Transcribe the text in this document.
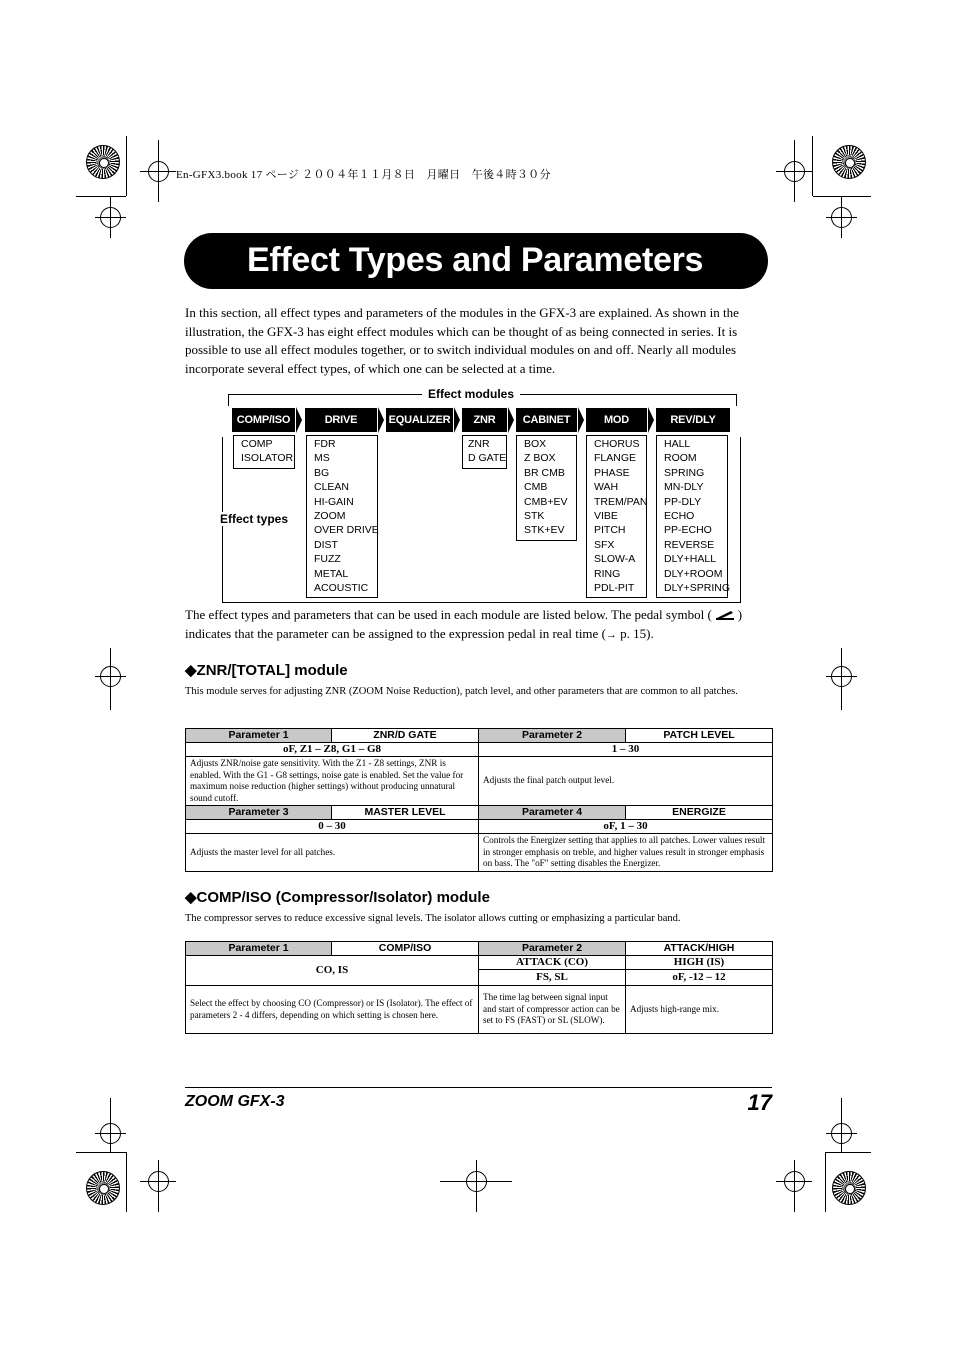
En-GFX3.book 17 ページ ２００４年１１月８日　月曜日　午後４時３０分
Effect Types and Parameters
In this section, all effect types and parameters of the modules in the GFX-3 are explained. As shown in the illustration, the GFX-3 has eight effect modules which can be thought of as being connected in series. It is possible to use all effect modules together, or to switch individual modules on and off. Nearly all modules incorporate several effect types, of which one can be selected at a time.
Effect modules
Effect types
COMP/ISO	DRIVE	EQUALIZER	ZNR	CABINET	MOD	REV/DLY
COMP
ISOLATOR
FDR
MS
BG
CLEAN
HI-GAIN
ZOOM
OVER DRIVE
DIST
FUZZ
METAL
ACOUSTIC
ZNR
D GATE
BOX
Z BOX
BR CMB
CMB
CMB+EV
STK
STK+EV
CHORUS
FLANGE
PHASE
WAH
TREM/PAN
VIBE
PITCH
SFX
SLOW-A
RING
PDL-PIT
HALL
ROOM
SPRING
MN-DLY
PP-DLY
ECHO
PP-ECHO
REVERSE
DLY+HALL
DLY+ROOM
DLY+SPRING
The effect types and parameters that can be used in each module are listed below. The pedal symbol ( )
indicates that the parameter can be assigned to the expression pedal in real time (→ p. 15).
◆ZNR/[TOTAL] module
This module serves for adjusting ZNR (ZOOM Noise Reduction), patch level, and other parameters that are common to all patches.
Parameter 1	ZNR/D GATE	Parameter 2	PATCH LEVEL
oF, Z1 – Z8, G1 – G8		1 – 30	
Adjusts ZNR/noise gate sensitivity. With the Z1 - Z8 settings, ZNR is enabled. With the G1 - G8 settings, noise gate is enabled. Set the value for maximum noise reduction (higher settings) without producing unnatural sound cutoff.		Adjusts the final patch output level.	
Parameter 3	MASTER LEVEL	Parameter 4	ENERGIZE
0 – 30		oF, 1 – 30	
Adjusts the master level for all patches.		Controls the Energizer setting that applies to all patches. Lower values result in stronger emphasis on treble, and higher values result in stronger emphasis on bass. The "oF" setting disables the Energizer.	
◆COMP/ISO (Compressor/Isolator) module
The compressor serves to reduce excessive signal levels. The isolator allows cutting or emphasizing a particular band.
Parameter 1	COMP/ISO	Parameter 2	ATTACK/HIGH
CO, IS		ATTACK (CO)	HIGH (IS)
		FS, SL	oF, -12 – 12
Select the effect by choosing CO (Compressor) or IS (Isolator). The effect of parameters 2 - 4 differs, depending on which setting is chosen here.		The time lag between signal input and start of compressor action can be set to FS (FAST) or SL (SLOW).	Adjusts high-range mix.
ZOOM GFX-3	17
